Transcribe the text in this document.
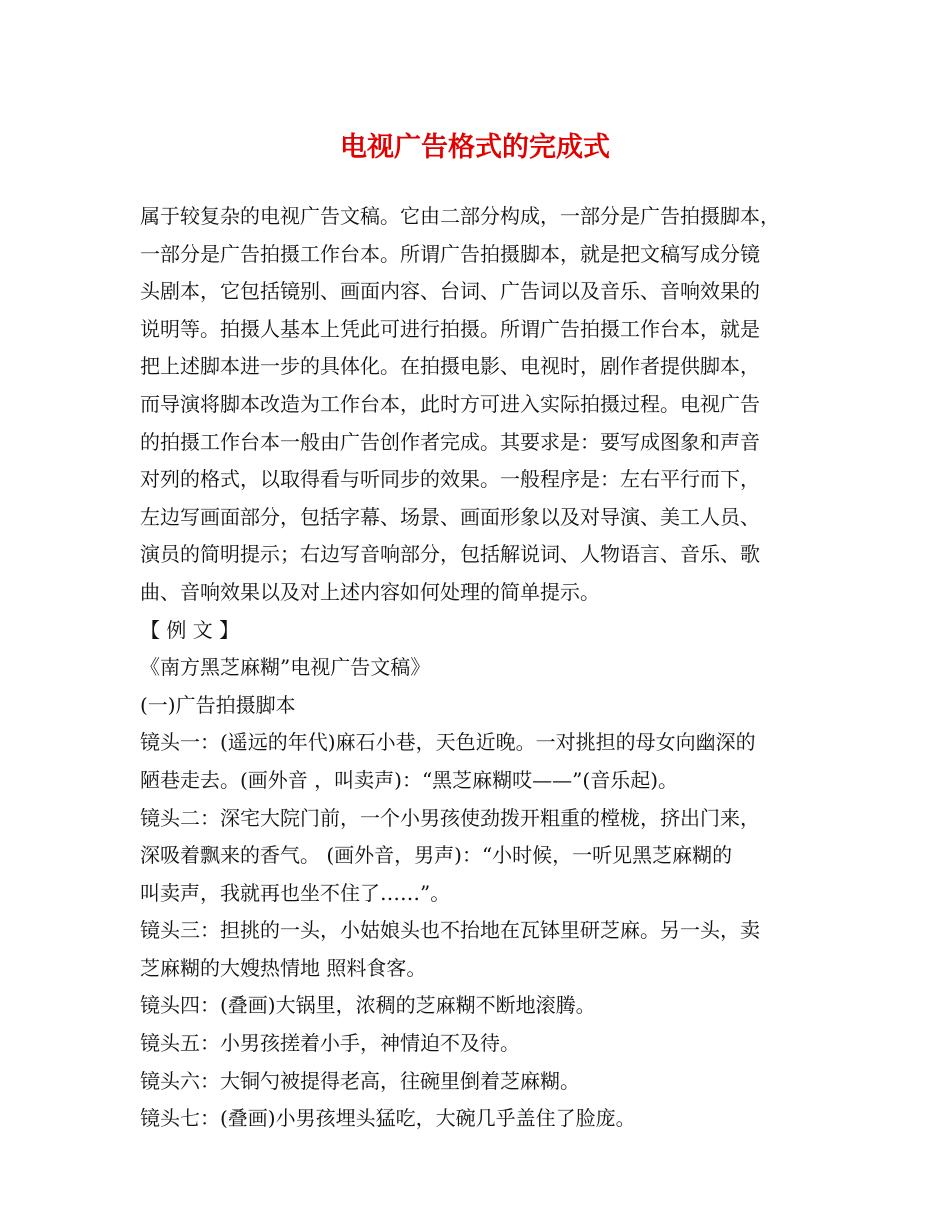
电视广告格式的完成式

属于较复杂的电视广告文稿。它由二部分构成，一部分是广告拍摄脚本，

一部分是广告拍摄工作台本。所谓广告拍摄脚本，就是把文稿写成分镜

头剧本，它包括镜别、画面内容、台词、广告词以及音乐、音响效果的

说明等。拍摄人基本上凭此可进行拍摄。所谓广告拍摄工作台本，就是

把上述脚本进一步的具体化。在拍摄电影、电视时，剧作者提供脚本，

而导演将脚本改造为工作台本，此时方可进入实际拍摄过程。电视广告

的拍摄工作台本一般由广告创作者完成。其要求是：要写成图象和声音

对列的格式，以取得看与听同步的效果。一般程序是：左右平行而下，

左边写画面部分，包括字幕、场景、画面形象以及对导演、美工人员、

演员的简明提示；右边写音响部分，包括解说词、人物语言、音乐、歌

曲、音响效果以及对上述内容如何处理的简单提示。

【 例 文 】

《南方黑芝麻糊”电视广告文稿》

(一)广告拍摄脚本

镜头一：(遥远的年代)麻石小巷，天色近晚。一对挑担的母女向幽深的

陋巷走去。(画外音 ，叫卖声)：“黑芝麻糊哎——”(音乐起)。

镜头二：深宅大院门前，一个小男孩使劲拨开粗重的樘栊，挤出门来，

深吸着飘来的香气。 (画外音，男声)：“小时候，一听见黑芝麻糊的

叫卖声，我就再也坐不住了……”。

镜头三：担挑的一头，小姑娘头也不抬地在瓦钵里研芝麻。另一头，卖

芝麻糊的大嫂热情地 照料食客。

镜头四：(叠画)大锅里，浓稠的芝麻糊不断地滚腾。

镜头五：小男孩搓着小手，神情迫不及待。

镜头六：大铜勺被提得老高，往碗里倒着芝麻糊。

镜头七：(叠画)小男孩埋头猛吃，大碗几乎盖住了脸庞。
